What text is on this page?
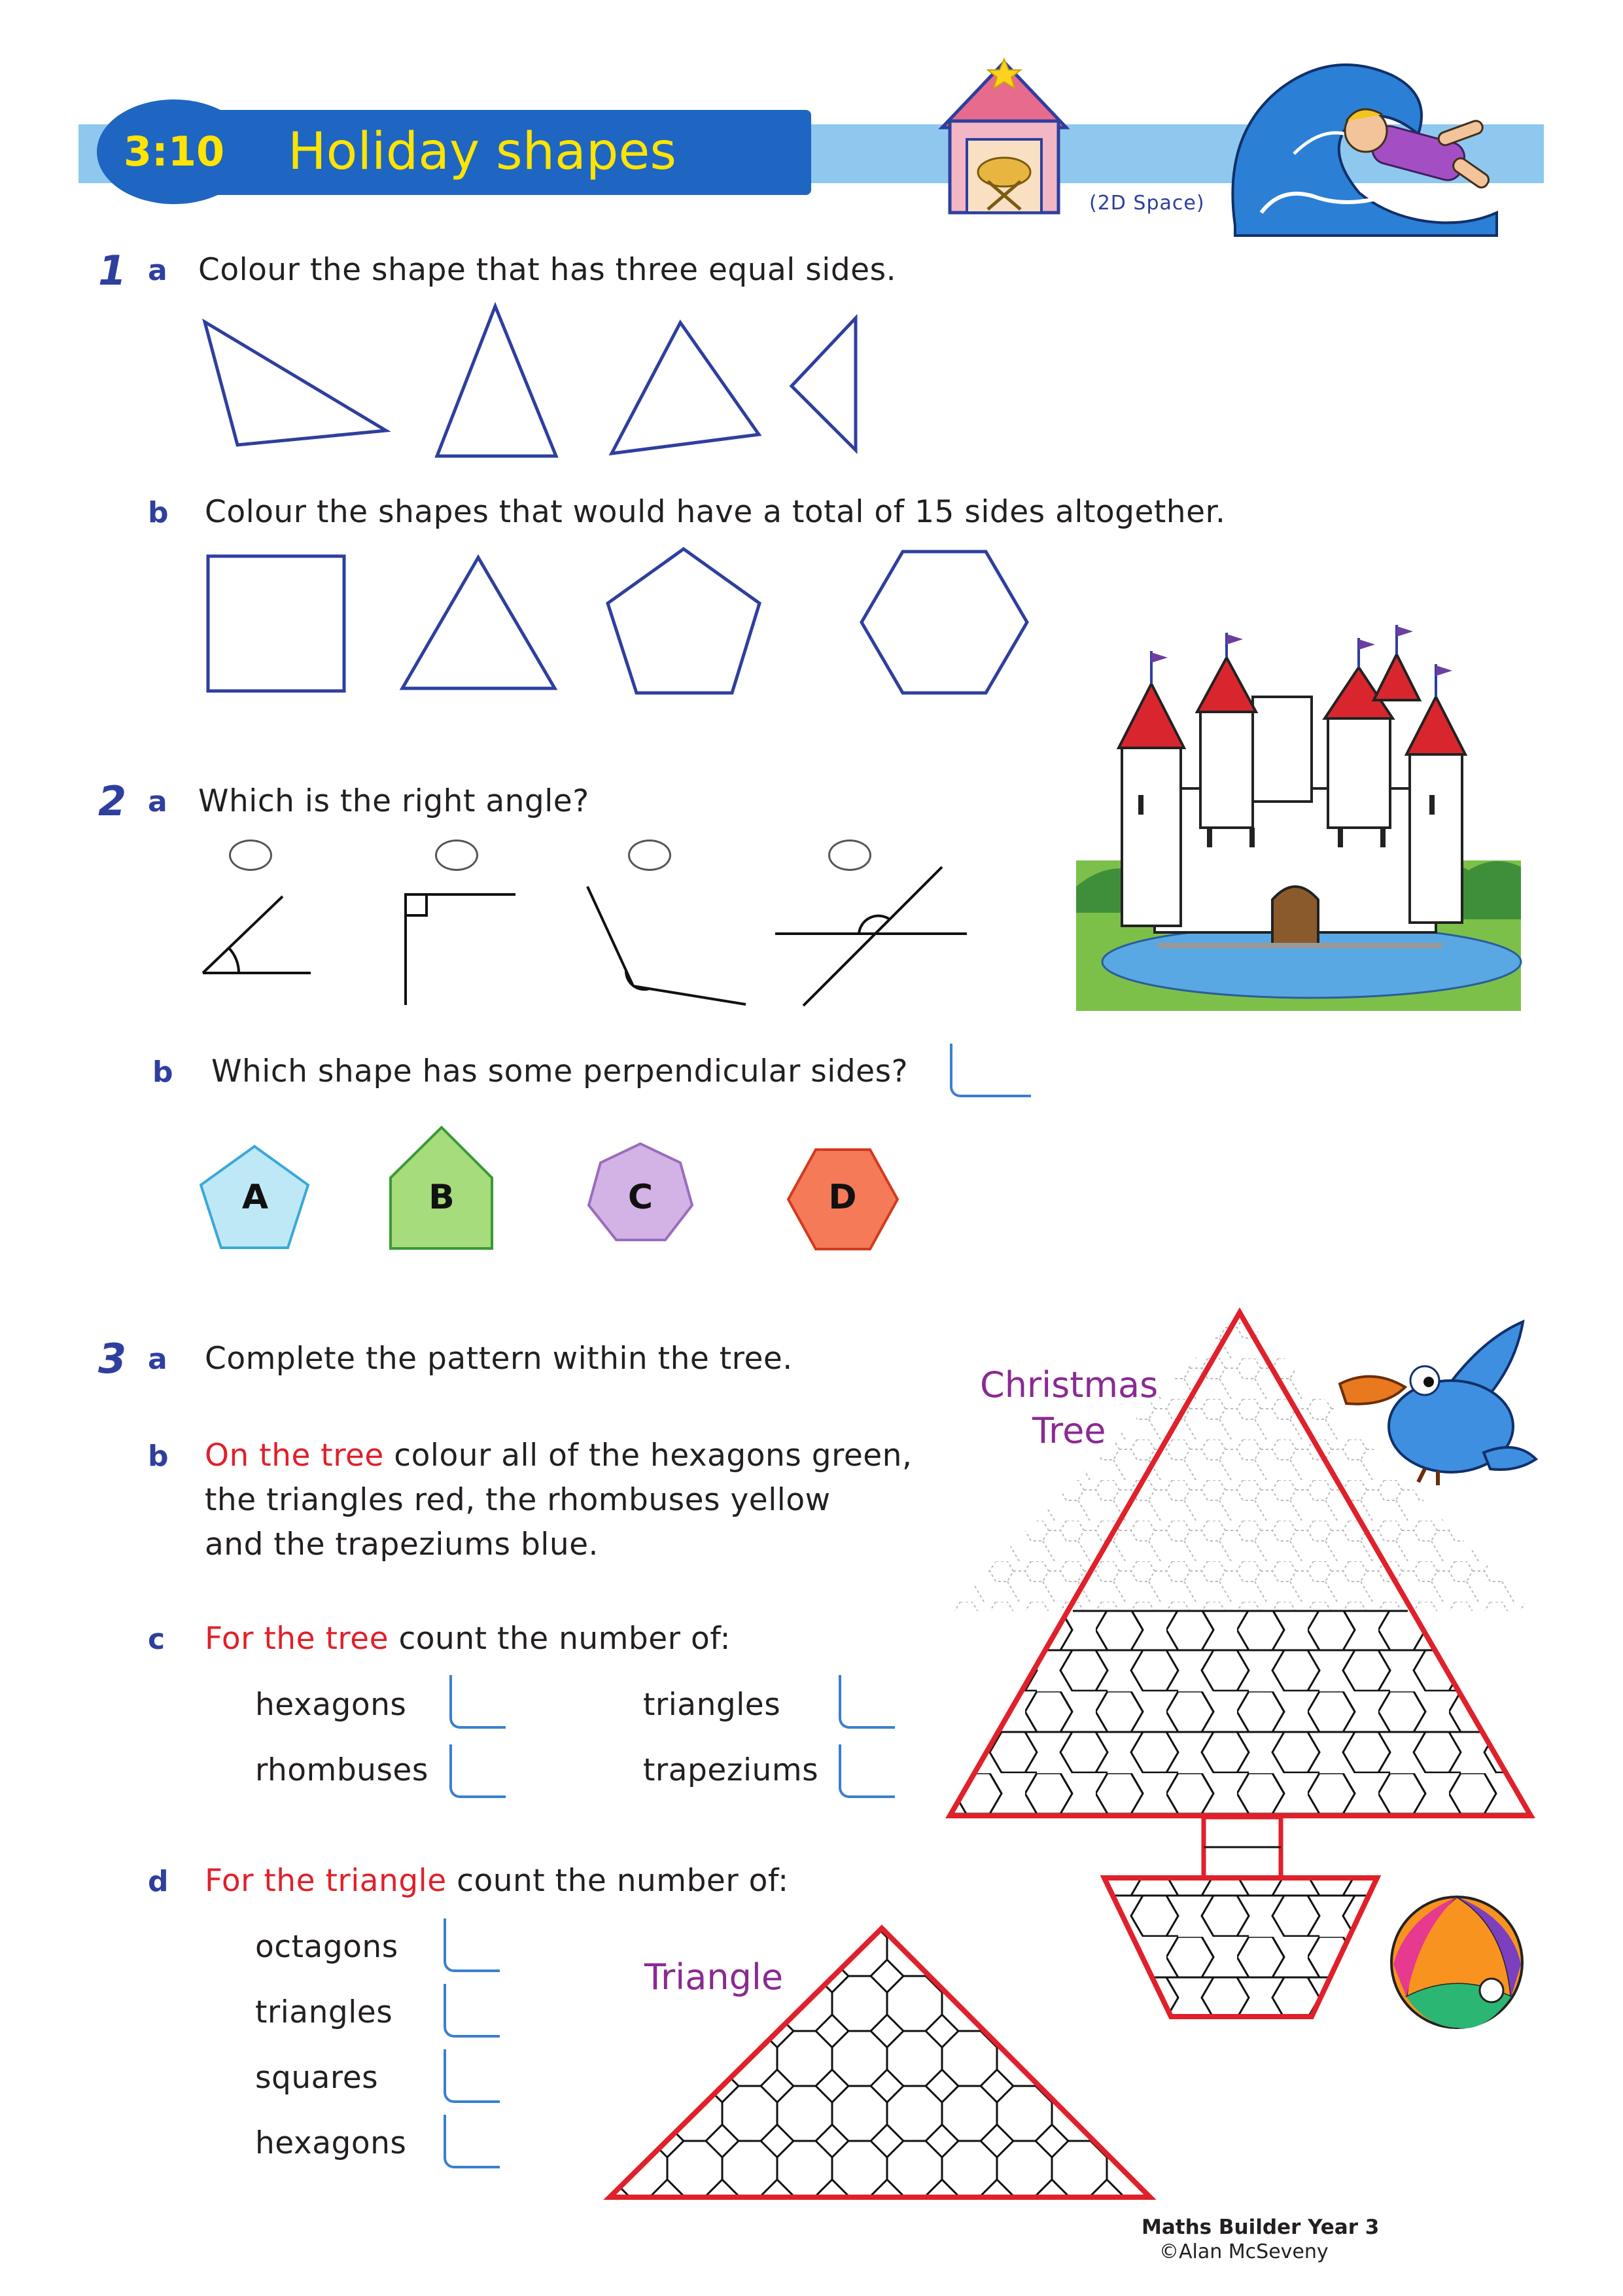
3:10	Holiday shapes
(2D Space)
1 a Colour the shape that has three equal sides.
b Colour the shapes that would have a total of 15 sides altogether.
2 a Which is the right angle?
b Which shape has some perpendicular sides?
A	B	C	D
3 a Complete the pattern within the tree.
b On the tree colour all of the hexagons green,
the triangles red, the rhombuses yellow
and the trapeziums blue.
c For the tree count the number of:
hexagons	triangles
rhombuses	trapeziums
d For the triangle count the number of:
octagons
triangles
squares
hexagons
Christmas
Tree
Triangle
Maths Builder Year 3
©Alan McSeveny
